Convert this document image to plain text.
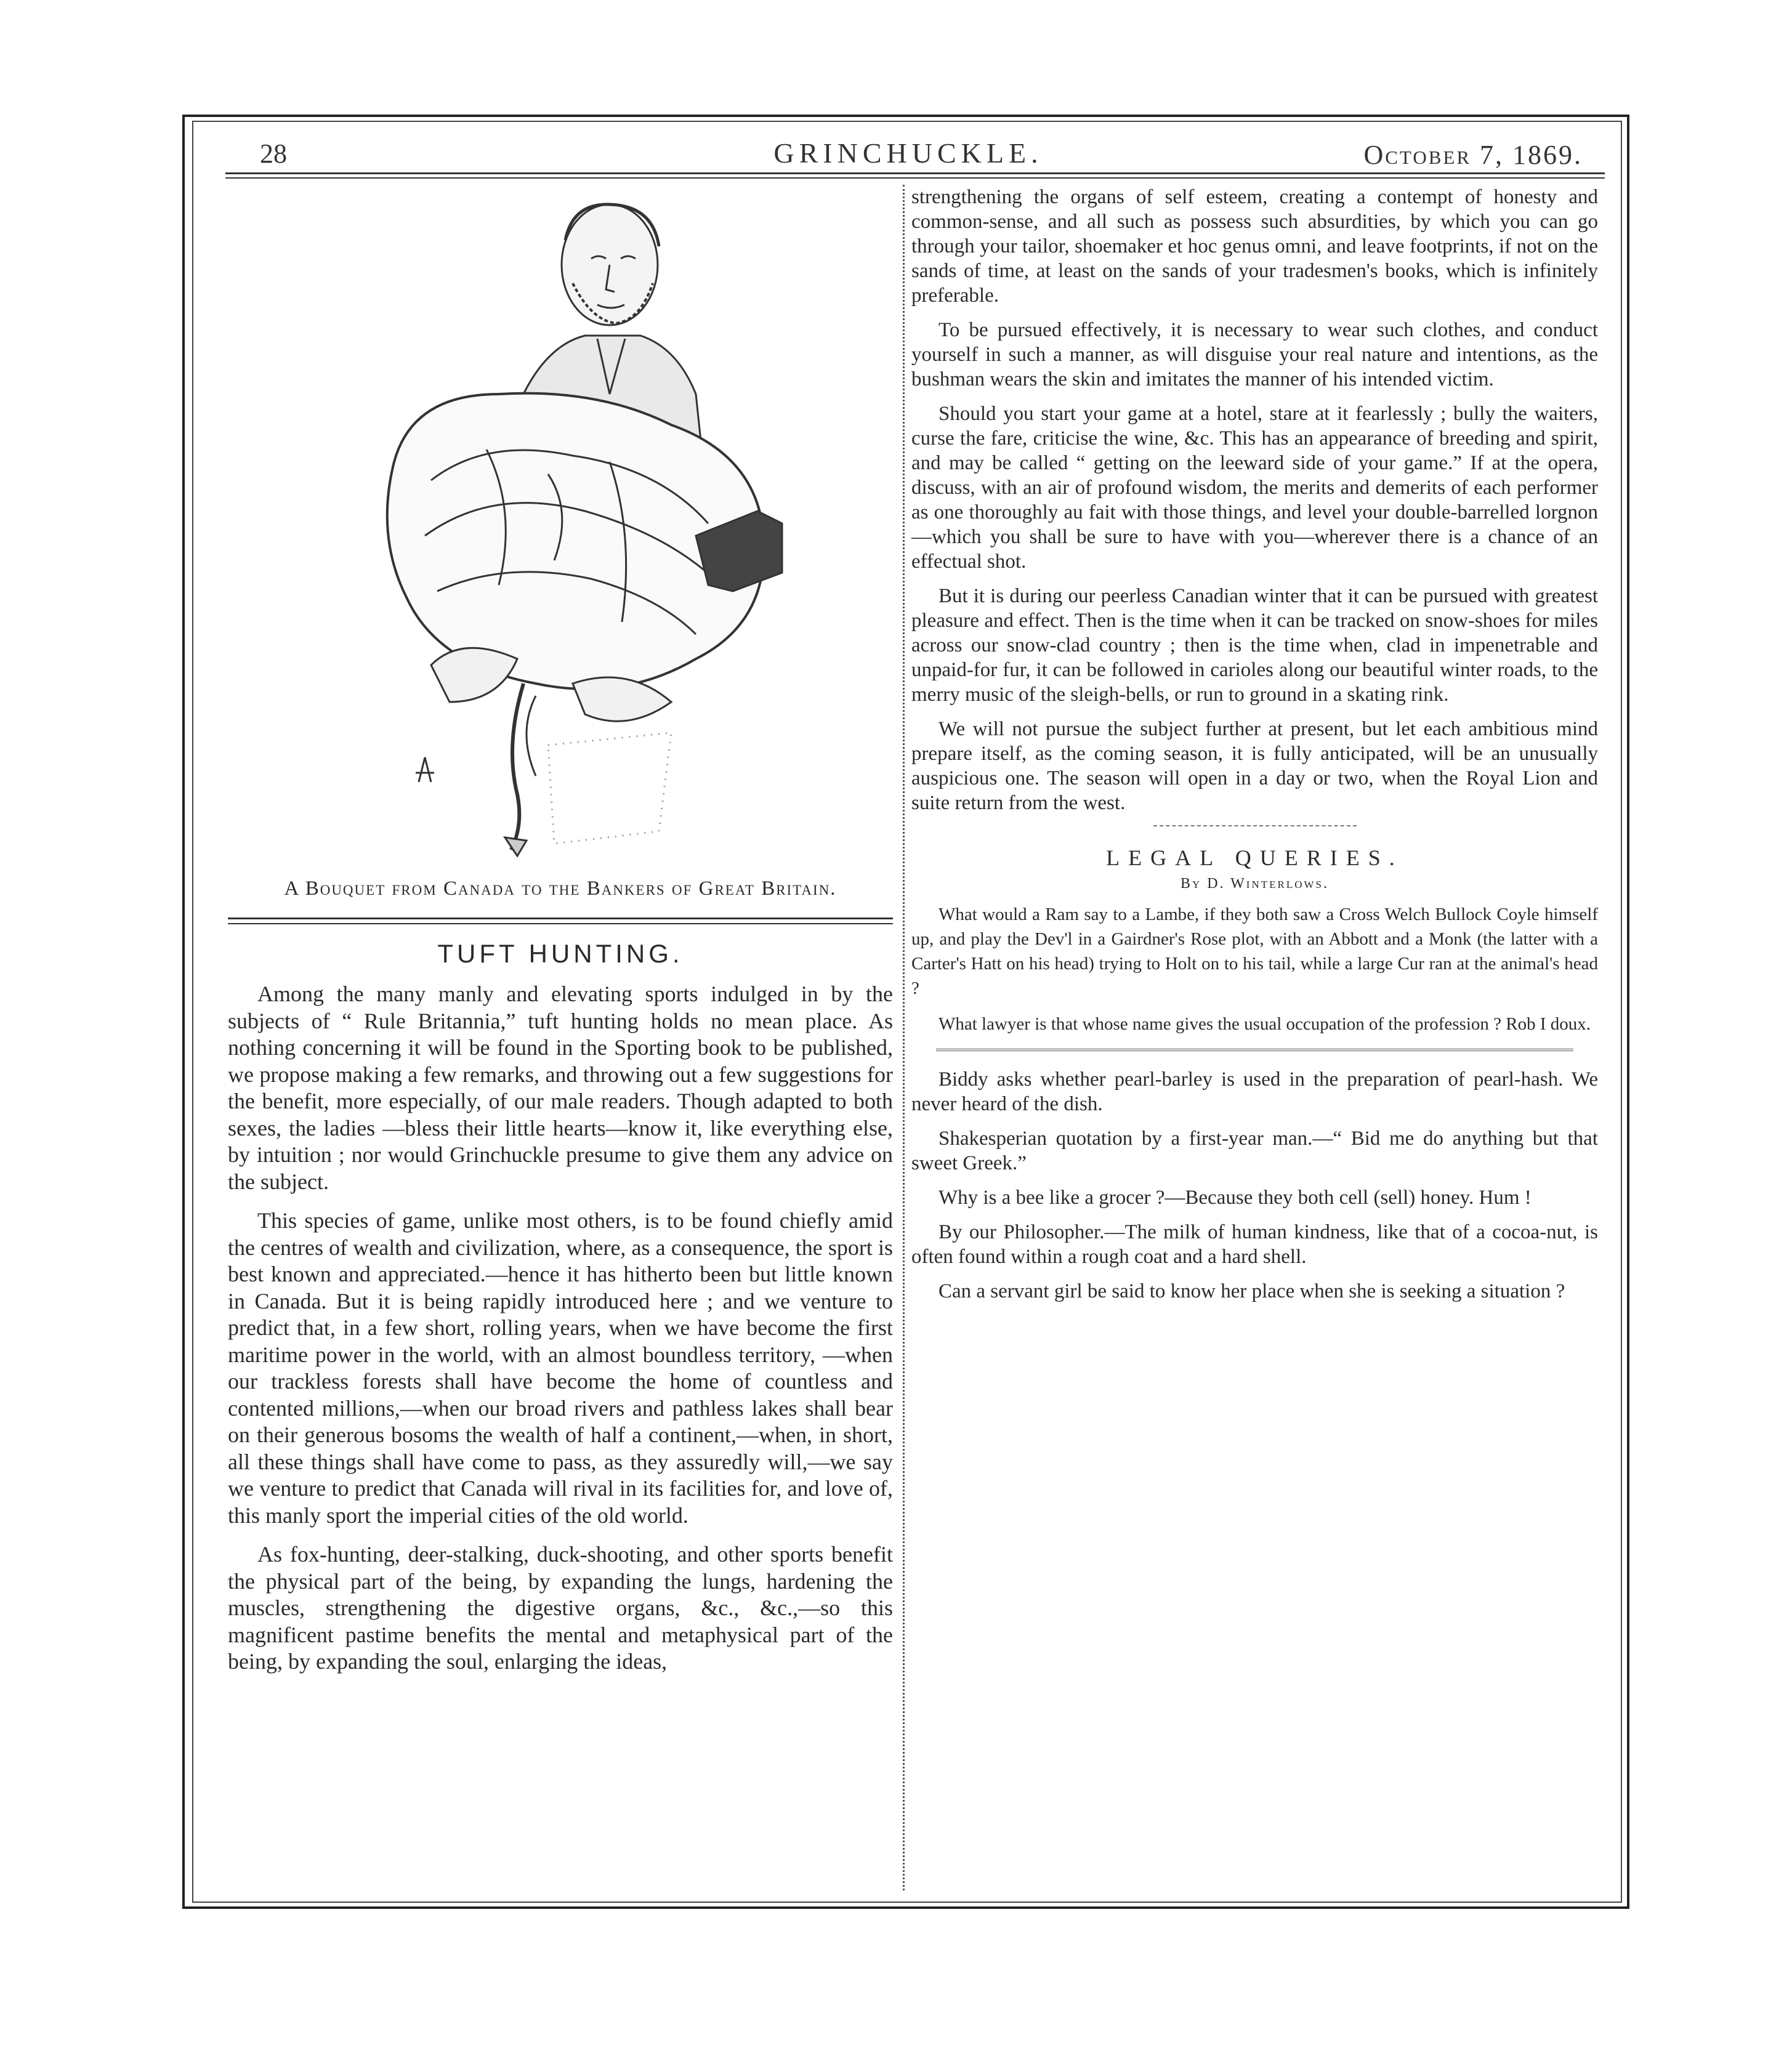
28	GRINCHUCKLE.	October 7, 1869.
A Bouquet from Canada to the Bankers of Great Britain.
TUFT HUNTING.

Among the many manly and elevating sports indulged in by the subjects of “ Rule Britannia,” tuft hunting holds no mean place. As nothing concerning it will be found in the Sporting book to be published, we propose making a few remarks, and throwing out a few suggestions for the benefit, more especially, of our male readers. Though adapted to both sexes, the ladies —bless their little hearts—know it, like everything else, by intuition ; nor would Grinchuckle presume to give them any advice on the subject.

This species of game, unlike most others, is to be found chiefly amid the centres of wealth and civilization, where, as a consequence, the sport is best known and appreciated.—hence it has hitherto been but little known in Canada. But it is being rapidly introduced here ; and we venture to predict that, in a few short, rolling years, when we have become the first maritime power in the world, with an almost boundless territory, —when our trackless forests shall have become the home of countless and contented millions,—when our broad rivers and pathless lakes shall bear on their generous bosoms the wealth of half a continent,—when, in short, all these things shall have come to pass, as they assuredly will,—we say we venture to predict that Canada will rival in its facilities for, and love of, this manly sport the imperial cities of the old world.

As fox-hunting, deer-stalking, duck-shooting, and other sports benefit the physical part of the being, by expanding the lungs, hardening the muscles, strengthening the digestive organs, &c., &c.,—so this magnificent pastime benefits the mental and metaphysical part of the being, by expanding the soul, enlarging the ideas,

strengthening the organs of self esteem, creating a contempt of honesty and common-sense, and all such as possess such absurdities, by which you can go through your tailor, shoemaker et hoc genus omni, and leave footprints, if not on the sands of time, at least on the sands of your tradesmen's books, which is infinitely preferable.

To be pursued effectively, it is necessary to wear such clothes, and conduct yourself in such a manner, as will disguise your real nature and intentions, as the bushman wears the skin and imitates the manner of his intended victim.

Should you start your game at a hotel, stare at it fearlessly ; bully the waiters, curse the fare, criticise the wine, &c. This has an appearance of breeding and spirit, and may be called “ getting on the leeward side of your game.” If at the opera, discuss, with an air of profound wisdom, the merits and demerits of each performer as one thoroughly au fait with those things, and level your double-barrelled lorgnon—which you shall be sure to have with you—wherever there is a chance of an effectual shot.

But it is during our peerless Canadian winter that it can be pursued with greatest pleasure and effect. Then is the time when it can be tracked on snow-shoes for miles across our snow-clad country ; then is the time when, clad in impenetrable and unpaid-for fur, it can be followed in carioles along our beautiful winter roads, to the merry music of the sleigh-bells, or run to ground in a skating rink.

We will not pursue the subject further at present, but let each ambitious mind prepare itself, as the coming season, it is fully anticipated, will be an unusually auspicious one. The season will open in a day or two, when the Royal Lion and suite return from the west.

LEGAL QUERIES.
By D. Winterlows.

What would a Ram say to a Lambe, if they both saw a Cross Welch Bullock Coyle himself up, and play the Dev'l in a Gairdner's Rose plot, with an Abbott and a Monk (the latter with a Carter's Hatt on his head) trying to Holt on to his tail, while a large Cur ran at the animal's head ?

What lawyer is that whose name gives the usual occupation of the profession ? Rob I doux.

Biddy asks whether pearl-barley is used in the preparation of pearl-hash. We never heard of the dish.

Shakesperian quotation by a first-year man.—“ Bid me do anything but that sweet Greek.”

Why is a bee like a grocer ?—Because they both cell (sell) honey. Hum !

By our Philosopher.—The milk of human kindness, like that of a cocoa-nut, is often found within a rough coat and a hard shell.

Can a servant girl be said to know her place when she is seeking a situation ?
